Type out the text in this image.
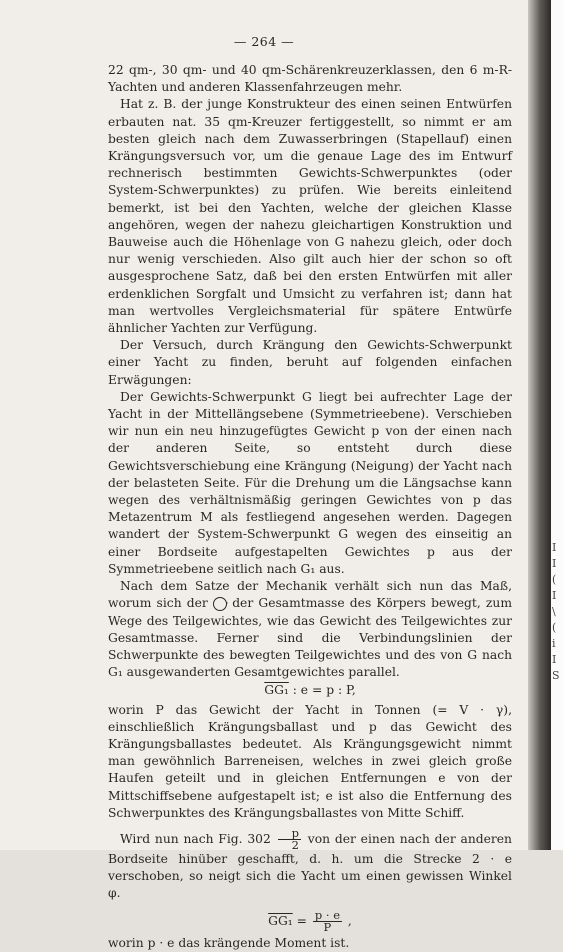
— 264 —

22 qm-, 30 qm- und 40 qm-Schärenkreuzerklassen, den 6 m-R-Yachten und anderen Klassenfahrzeugen mehr.

Hat z. B. der junge Konstrukteur des einen seinen Entwürfen erbauten nat. 35 qm-Kreuzer fertiggestellt, so nimmt er am besten gleich nach dem Zuwasserbringen (Stapellauf) einen Krängungsversuch vor, um die genaue Lage des im Entwurf rechnerisch bestimmten Gewichts-Schwerpunktes (oder System-Schwerpunktes) zu prüfen. Wie bereits einleitend bemerkt, ist bei den Yachten, welche der gleichen Klasse angehören, wegen der nahezu gleichartigen Konstruktion und Bauweise auch die Höhenlage von G nahezu gleich, oder doch nur wenig verschieden. Also gilt auch hier der schon so oft ausgesprochene Satz, daß bei den ersten Entwürfen mit aller erdenklichen Sorgfalt und Umsicht zu verfahren ist; dann hat man wertvolles Vergleichsmaterial für spätere Entwürfe ähnlicher Yachten zur Verfügung.

Der Versuch, durch Krängung den Gewichts-Schwerpunkt einer Yacht zu finden, beruht auf folgenden einfachen Erwägungen:

Der Gewichts-Schwerpunkt G liegt bei aufrechter Lage der Yacht in der Mittellängsebene (Symmetrieebene). Verschieben wir nun ein neu hinzugefügtes Gewicht p von der einen nach der anderen Seite, so entsteht durch diese Gewichtsverschiebung eine Krängung (Neigung) der Yacht nach der belasteten Seite. Für die Drehung um die Längsachse kann wegen des verhältnismäßig geringen Gewichtes von p das Metazentrum M als festliegend angesehen werden. Dagegen wandert der System-Schwerpunkt G wegen des einseitig an einer Bordseite aufgestapelten Gewichtes p aus der Symmetrieebene seitlich nach G₁ aus.

Nach dem Satze der Mechanik verhält sich nun das Maß, worum sich der · der Gesamtmasse des Körpers bewegt, zum Wege des Teilgewichtes, wie das Gewicht des Teilgewichtes zur Gesamtmasse. Ferner sind die Verbindungslinien der Schwerpunkte des bewegten Teilgewichtes und des von G nach G₁ ausgewanderten Gesamtgewichtes parallel.

GG₁ : e = p : P,

worin P das Gewicht der Yacht in Tonnen (= V · γ), einschließlich Krängungsballast und p das Gewicht des Krängungsballastes bedeutet. Als Krängungsgewicht nimmt man gewöhnlich Barreneisen, welches in zwei gleich große Haufen geteilt und in gleichen Entfernungen e von der Mittschiffsebene aufgestapelt ist; e ist also die Entfernung des Schwerpunktes des Krängungsballastes von Mitte Schiff.

Wird nun nach Fig. $302 \frac{p}{2}$ von der einen nach der anderen Bordseite hinüber geschafft, d. h. um die Strecke 2 · e verschoben, so neigt sich die Yacht um einen gewissen Winkel φ.

$GG_1 = \frac{p \cdot e}{P}$ ,

worin p · e das krängende Moment ist.

I
I
(
I
\
(
i
I
S
